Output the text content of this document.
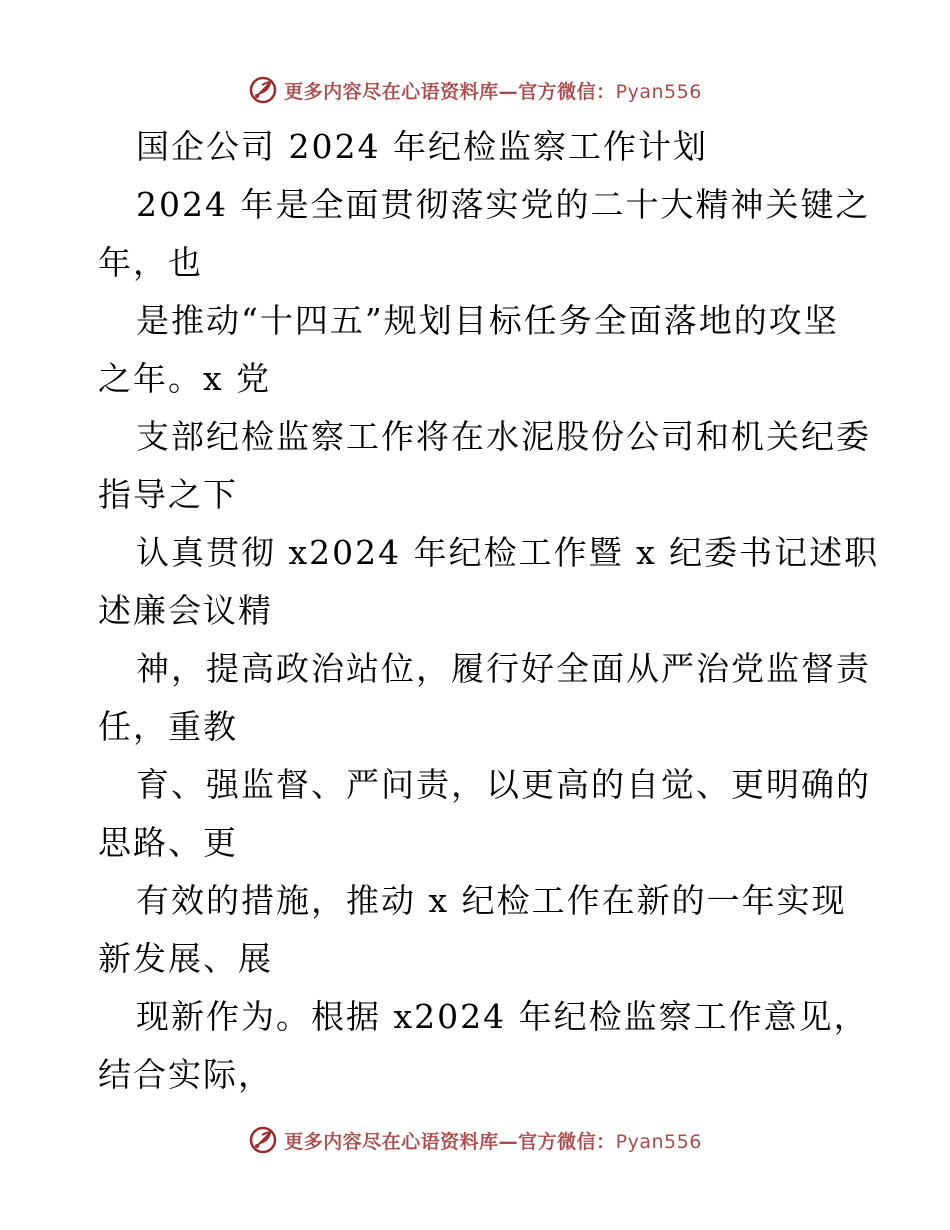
更多内容尽在心语资料库—官方微信：Pyan556
国企公司 2024 年纪检监察工作计划
2024 年是全面贯彻落实党的二十大精神关键之
年，也
是推动“十四五”规划目标任务全面落地的攻坚
之年。x 党
支部纪检监察工作将在水泥股份公司和机关纪委
指导之下
认真贯彻 x2024 年纪检工作暨 x 纪委书记述职
述廉会议精
神，提高政治站位，履行好全面从严治党监督责
任，重教
育、强监督、严问责，以更高的自觉、更明确的
思路、更
有效的措施，推动 x 纪检工作在新的一年实现
新发展、展
现新作为。根据 x2024 年纪检监察工作意见，
结合实际，
更多内容尽在心语资料库—官方微信：Pyan556
